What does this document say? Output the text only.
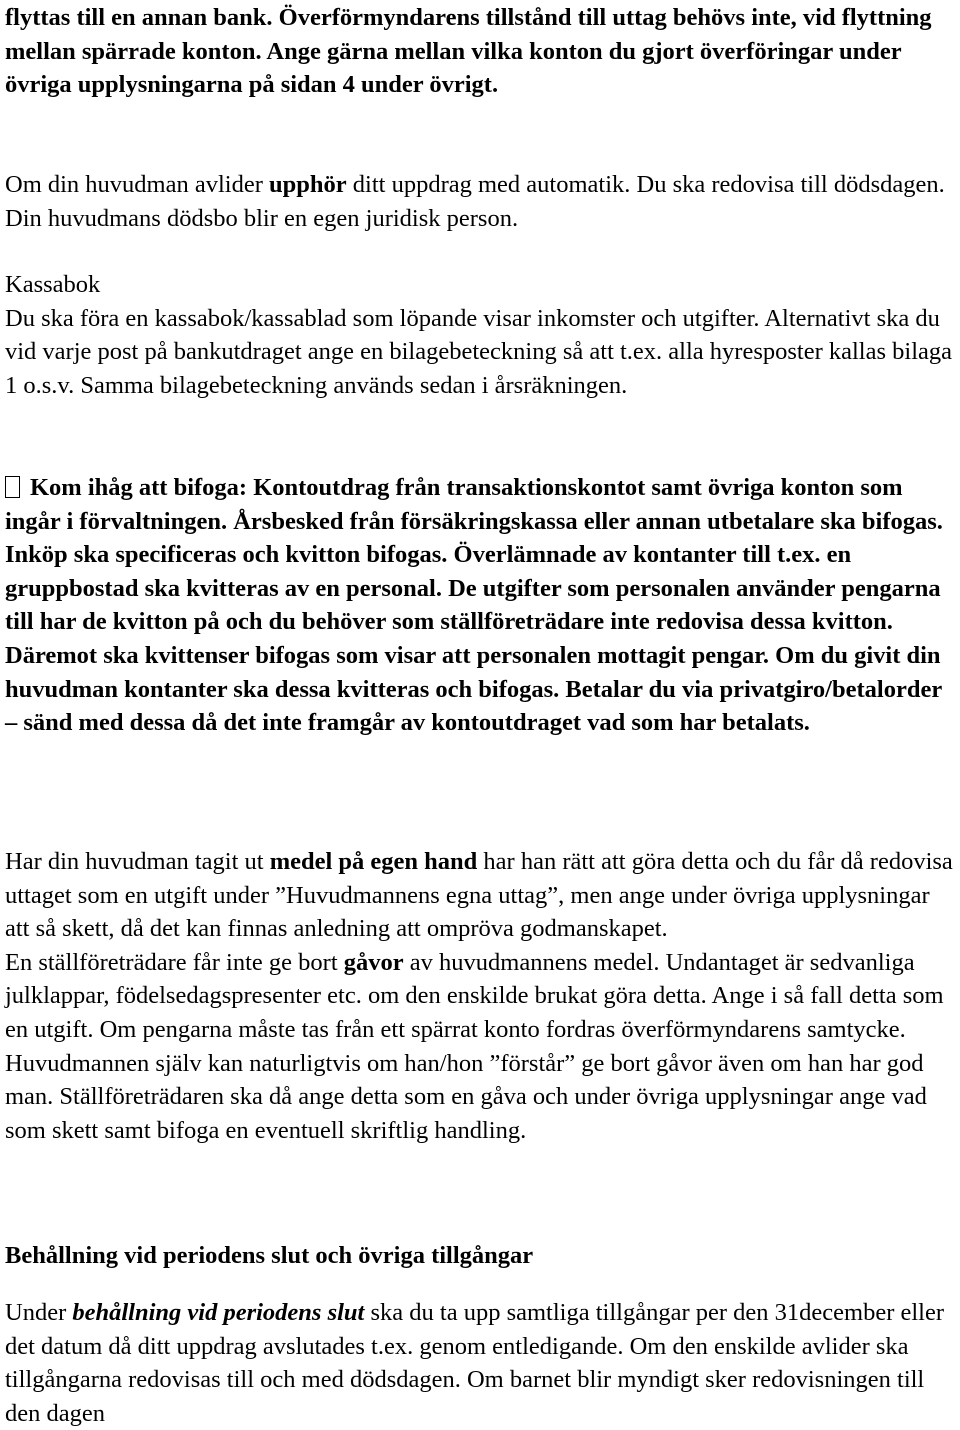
flyttas till en annan bank. Överförmyndarens tillstånd till uttag behövs inte, vid flyttning mellan spärrade konton. Ange gärna mellan vilka konton du gjort överföringar under övriga upplysningarna på sidan 4 under övrigt.

Om din huvudman avlider upphör ditt uppdrag med automatik. Du ska redovisa till dödsdagen. Din huvudmans dödsbo blir en egen juridisk person.

Kassabok
Du ska föra en kassabok/kassablad som löpande visar inkomster och utgifter. Alternativt ska du vid varje post på bankutdraget ange en bilagebeteckning så att t.ex. alla hyresposter kallas bilaga 1 o.s.v. Samma bilagebeteckning används sedan i årsräkningen.

Kom ihåg att bifoga: Kontoutdrag från transaktionskontot samt övriga konton som ingår i förvaltningen. Årsbesked från försäkringskassa eller annan utbetalare ska bifogas. Inköp ska specificeras och kvitton bifogas. Överlämnade av kontanter till t.ex. en gruppbostad ska kvitteras av en personal. De utgifter som personalen använder pengarna till har de kvitton på och du behöver som ställföreträdare inte redovisa dessa kvitton. Däremot ska kvittenser bifogas som visar att personalen mottagit pengar. Om du givit din huvudman kontanter ska dessa kvitteras och bifogas. Betalar du via privatgiro/betalorder – sänd med dessa då det inte framgår av kontoutdraget vad som har betalats.

Har din huvudman tagit ut medel på egen hand har han rätt att göra detta och du får då redovisa uttaget som en utgift under ”Huvudmannens egna uttag”, men ange under övriga upplysningar att så skett, då det kan finnas anledning att ompröva godmanskapet.
En ställföreträdare får inte ge bort gåvor av huvudmannens medel. Undantaget är sedvanliga julklappar, födelsedagspresenter etc. om den enskilde brukat göra detta. Ange i så fall detta som en utgift. Om pengarna måste tas från ett spärrat konto fordras överförmyndarens samtycke. Huvudmannen själv kan naturligtvis om han/hon ”förstår” ge bort gåvor även om han har god man. Ställföreträdaren ska då ange detta som en gåva och under övriga upplysningar ange vad som skett samt bifoga en eventuell skriftlig handling.

Behållning vid periodens slut och övriga tillgångar

Under behållning vid periodens slut ska du ta upp samtliga tillgångar per den 31december eller det datum då ditt uppdrag avslutades t.ex. genom entledigande. Om den enskilde avlider ska tillgångarna redovisas till och med dödsdagen. Om barnet blir myndigt sker redovisningen till den dagen
